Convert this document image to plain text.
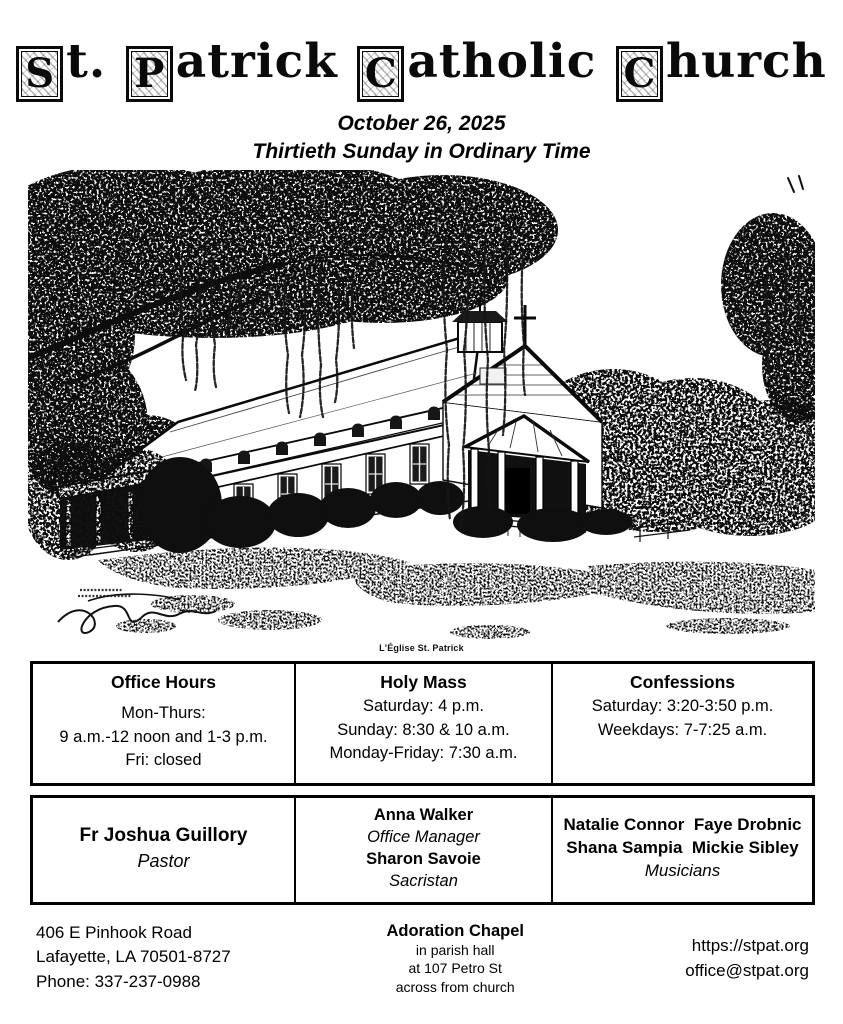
S t. P atrick C atholic C hurch
October 26, 2025
Thirtieth Sunday in Ordinary Time
L'Église St. Patrick
Office Hours

Mon-Thurs:

9 a.m.-12 noon and 1-3 p.m.

Fri: closed

Holy Mass

Saturday: 4 p.m.

Sunday: 8:30 & 10 a.m.

Monday-Friday: 7:30 a.m.

Confessions

Saturday: 3:20-3:50 p.m.

Weekdays: 7-7:25 a.m.

Fr Joshua Guillory
Pastor

Anna Walker

Office Manager

Sharon Savoie

Sacristan

Natalie Connor  Faye Drobnic

Shana Sampia  Mickie Sibley

Musicians

406 E Pinhook Road
Lafayette, LA 70501-8727
Phone: 337-237-0988
Adoration Chapel

in parish hall

at 107 Petro St

across from church

https://stpat.org
office@stpat.org
